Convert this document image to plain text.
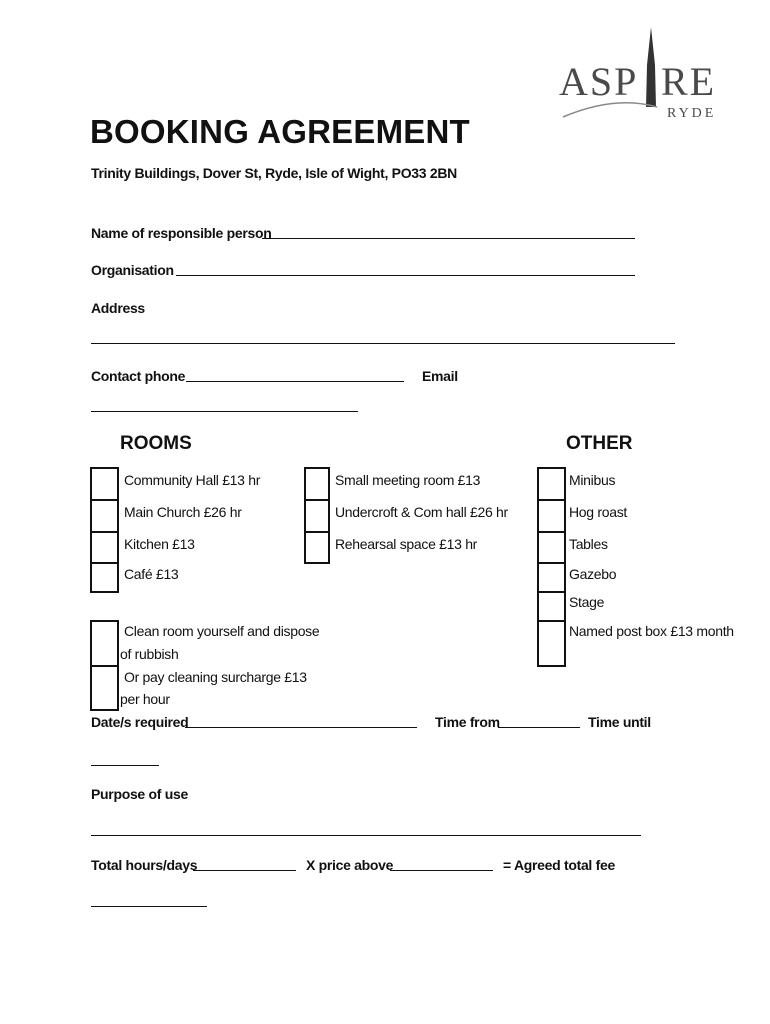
ASP RE
RYDE
BOOKING AGREEMENT
Trinity Buildings, Dover St, Ryde, Isle of Wight, PO33 2BN
Name of responsible person
Organisation
Address
Contact phone	Email
ROOMS	OTHER
Community Hall £13 hr
Main Church £26 hr
Kitchen £13
Café £13
Small meeting room £13
Undercroft & Com hall £26 hr
Rehearsal space £13 hr
Minibus
Hog roast
Tables
Gazebo
Stage
Named post box £13 month
Clean room yourself and dispose
of rubbish
Or pay cleaning surcharge £13
per hour
Date/s required	Time from	Time until
Purpose of use
Total hours/days	X price above	= Agreed total fee
